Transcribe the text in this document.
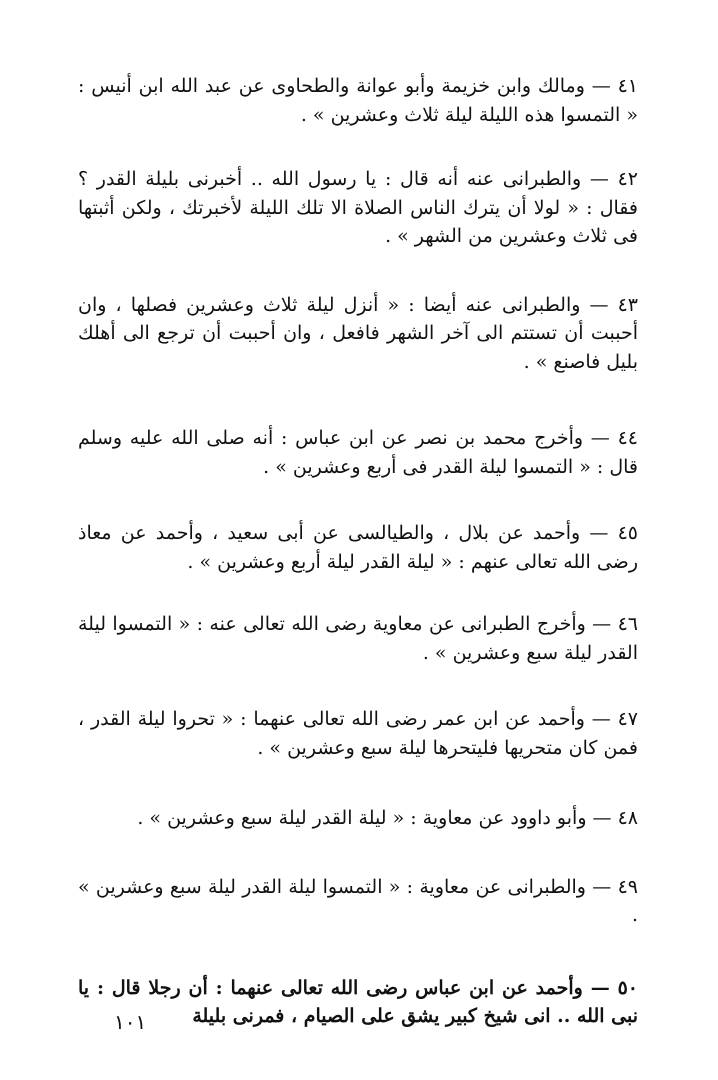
٤١ — ومالك وابن خزيمة وأبو عوانة والطحاوى عن عبد الله ابن أنيس : « التمسوا هذه الليلة ليلة ثلاث وعشرين » .

٤٢ — والطبرانى عنه أنه قال : يا رسول الله .. أخبرنى بليلة القدر ؟ فقال : « لولا أن يترك الناس الصلاة الا تلك الليلة لأخبرتك ، ولكن أثبتها فى ثلاث وعشرين من الشهر » .

٤٣ — والطبرانى عنه أيضا : « أنزل ليلة ثلاث وعشرين فصلها ، وان أحببت أن تستتم الى آخر الشهر فافعل ، وان أحببت أن ترجع الى أهلك بليل فاصنع » .

٤٤ — وأخرج محمد بن نصر عن ابن عباس : أنه صلى الله عليه وسلم قال : « التمسوا ليلة القدر فى أربع وعشرين » .

٤٥ — وأحمد عن بلال ، والطيالسى عن أبى سعيد ، وأحمد عن معاذ رضى الله تعالى عنهم : « ليلة القدر ليلة أربع وعشرين » .

٤٦ — وأخرج الطبرانى عن معاوية رضى الله تعالى عنه : « التمسوا ليلة القدر ليلة سبع وعشرين » .

٤٧ — وأحمد عن ابن عمر رضى الله تعالى عنهما : « تحروا ليلة القدر ، فمن كان متحريها فليتحرها ليلة سبع وعشرين » .

٤٨ — وأبو داوود عن معاوية : « ليلة القدر ليلة سبع وعشرين » .

٤٩ — والطبرانى عن معاوية : « التمسوا ليلة القدر ليلة سبع وعشرين » .

٥٠ — وأحمد عن ابن عباس رضى الله تعالى عنهما : أن رجلا قال : يا نبى الله .. انى شيخ كبير يشق على الصيام ، فمرنى بليلة

١٠١
